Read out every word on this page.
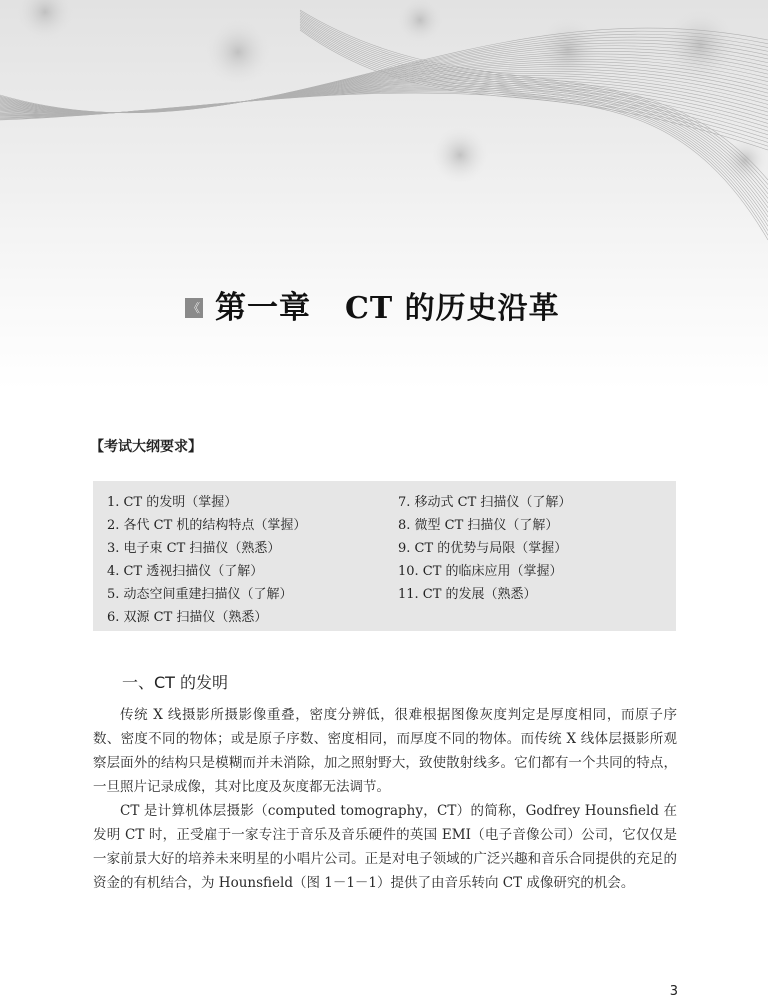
《 第一章 CT 的历史沿革
【考试大纲要求】
1. CT 的发明（掌握）
2. 各代 CT 机的结构特点（掌握）
3. 电子束 CT 扫描仪（熟悉）
4. CT 透视扫描仪（了解）
5. 动态空间重建扫描仪（了解）
6. 双源 CT 扫描仪（熟悉）
7. 移动式 CT 扫描仪（了解）
8. 微型 CT 扫描仪（了解）
9. CT 的优势与局限（掌握）
10. CT 的临床应用（掌握）
11. CT 的发展（熟悉）
一、CT 的发明

传统 X 线摄影所摄影像重叠，密度分辨低，很难根据图像灰度判定是厚度相同，而原子序数、密度不同的物体；或是原子序数、密度相同，而厚度不同的物体。而传统 X 线体层摄影所观察层面外的结构只是模糊而并未消除，加之照射野大，致使散射线多。它们都有一个共同的特点，一旦照片记录成像，其对比度及灰度都无法调节。

CT 是计算机体层摄影（computed tomography，CT）的简称，Godfrey Hounsfield 在发明 CT 时，正受雇于一家专注于音乐及音乐硬件的英国 EMI（电子音像公司）公司，它仅仅是一家前景大好的培养未来明星的小唱片公司。正是对电子领域的广泛兴趣和音乐合同提供的充足的资金的有机结合，为 Hounsfield（图 1－1－1）提供了由音乐转向 CT 成像研究的机会。

3
